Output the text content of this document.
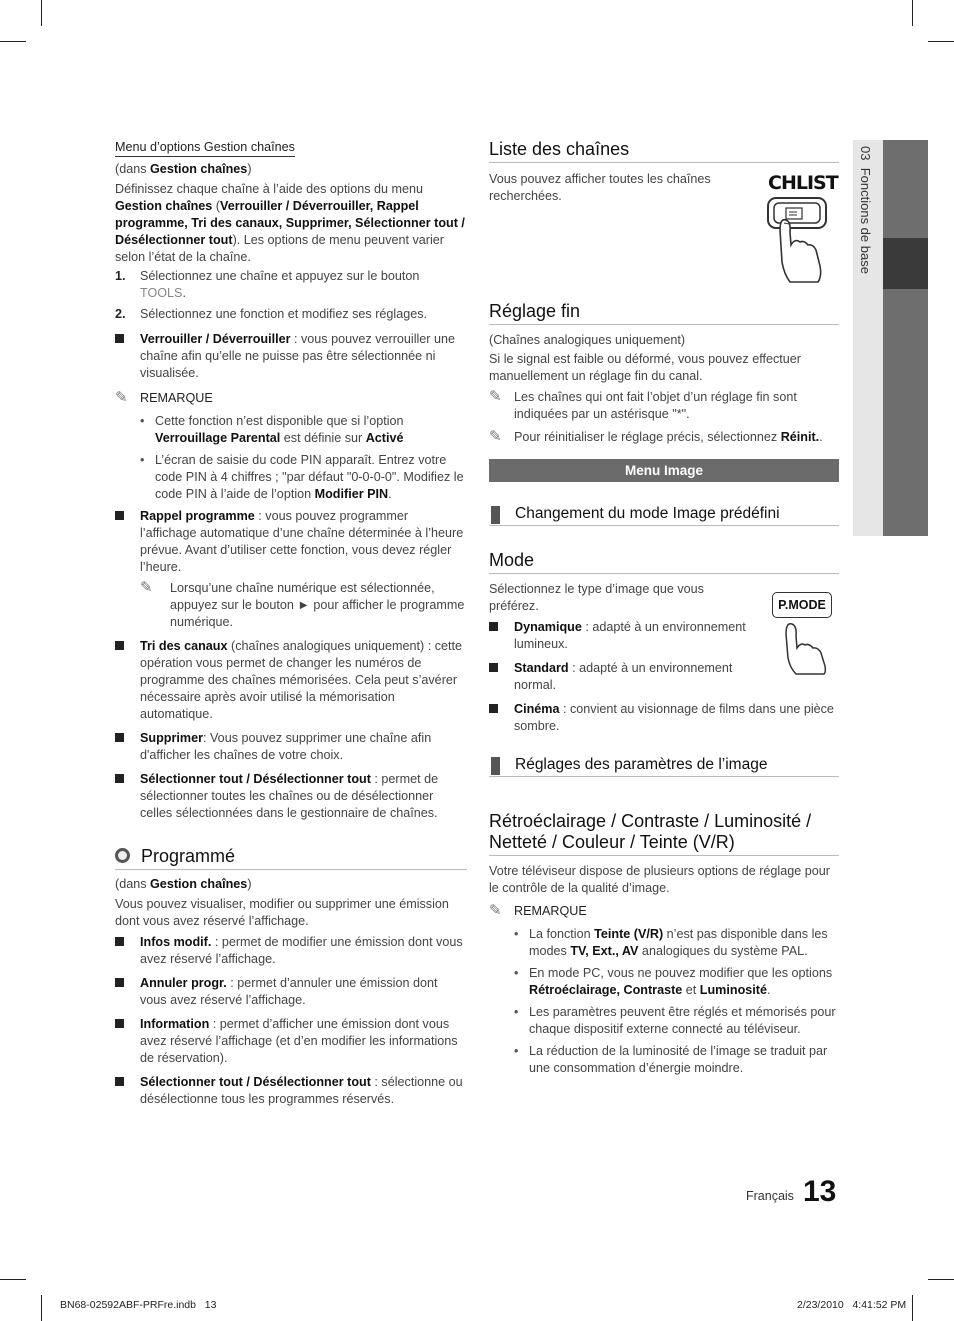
03  Fonctions de base

Menu d’options Gestion chaînes

(dans Gestion chaînes)

Définissez chaque chaîne à l’aide des options du menu Gestion chaînes (Verrouiller / Déverrouiller, Rappel programme, Tri des canaux, Supprimer, Sélectionner tout / Désélectionner tout). Les options de menu peuvent varier selon l’état de la chaîne.

1. Sélectionnez une chaîne et appuyez sur le bouton TOOLS.
2. Sélectionnez une fonction et modifiez ses réglages.
Verrouiller / Déverrouiller : vous pouvez verrouiller une chaîne afin qu’elle ne puisse pas être sélectionnée ni visualisée.
✎ REMARQUE
• Cette fonction n’est disponible que si l’option Verrouillage Parental est définie sur Activé
• L’écran de saisie du code PIN apparaît. Entrez votre code PIN à 4 chiffres ; "par défaut "0-0-0-0". Modifiez le code PIN à l’aide de l’option Modifier PIN.
Rappel programme : vous pouvez programmer l’affichage automatique d’une chaîne déterminée à l’heure prévue. Avant d’utiliser cette fonction, vous devez régler l’heure.
✎ Lorsqu’une chaîne numérique est sélectionnée, appuyez sur le bouton ► pour afficher le programme numérique.
Tri des canaux (chaînes analogiques uniquement) : cette opération vous permet de changer les numéros de programme des chaînes mémorisées. Cela peut s’avérer nécessaire après avoir utilisé la mémorisation automatique.
Supprimer: Vous pouvez supprimer une chaîne afin d'afficher les chaînes de votre choix.
Sélectionner tout / Désélectionner tout : permet de sélectionner toutes les chaînes ou de désélectionner celles sélectionnées dans le gestionnaire de chaînes.
Programmé

(dans Gestion chaînes)

Vous pouvez visualiser, modifier ou supprimer une émission dont vous avez réservé l’affichage.

Infos modif. : permet de modifier une émission dont vous avez réservé l’affichage.
Annuler progr. : permet d’annuler une émission dont vous avez réservé l’affichage.
Information : permet d’afficher une émission dont vous avez réservé l’affichage (et d’en modifier les informations de réservation).
Sélectionner tout / Désélectionner tout : sélectionne ou désélectionne tous les programmes réservés.
Liste des chaînes

Vous pouvez afficher toutes les chaînes recherchées.

Réglage fin

(Chaînes analogiques uniquement)

Si le signal est faible ou déformé, vous pouvez effectuer manuellement un réglage fin du canal.

✎ Les chaînes qui ont fait l’objet d’un réglage fin sont indiquées par un astérisque "*".
✎ Pour réinitialiser le réglage précis, sélectionnez Réinit..
Menu Image
Changement du mode Image prédéfini
Mode

Sélectionnez le type d’image que vous préférez.

Dynamique : adapté à un environnement lumineux.
Standard : adapté à un environnement normal.
Cinéma : convient au visionnage de films dans une pièce sombre.
Réglages des paramètres de l’image
Rétroéclairage / Contraste / Luminosité / Netteté / Couleur / Teinte (V/R)

Votre téléviseur dispose de plusieurs options de réglage pour le contrôle de la qualité d’image.

✎ REMARQUE
• La fonction Teinte (V/R) n’est pas disponible dans les modes TV, Ext., AV analogiques du système PAL.
• En mode PC, vous ne pouvez modifier que les options Rétroéclairage, Contraste et Luminosité.
• Les paramètres peuvent être réglés et mémorisés pour chaque dispositif externe connecté au téléviseur.
• La réduction de la luminosité de l’image se traduit par une consommation d’énergie moindre.
CHLIST
P.MODE
Français 13
BN68-02592ABF-PRFre.indb   13	2/23/2010   4:41:52 PM
